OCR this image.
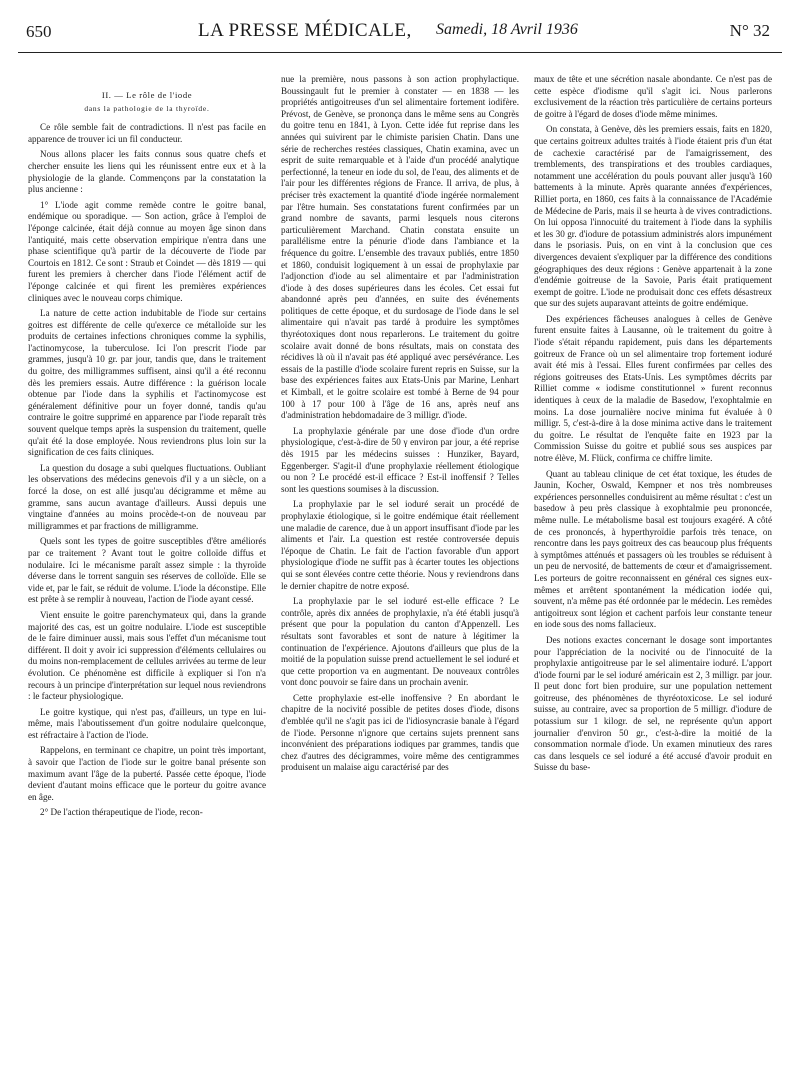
650	LA PRESSE MÉDICALE, Samedi, 18 Avril 1936	N° 32
II. — Le rôle de l'iode
dans la pathologie de la thyroïde.

Ce rôle semble fait de contradictions. Il n'est pas facile en apparence de trouver ici un fil conducteur.

Nous allons placer les faits connus sous quatre chefs et chercher ensuite les liens qui les réunissent entre eux et à la physiologie de la glande. Commençons par la constatation la plus ancienne :

1° L'iode agit comme remède contre le goitre banal, endémique ou sporadique. — Son action, grâce à l'emploi de l'éponge calcinée, était déjà connue au moyen âge sinon dans l'antiquité, mais cette observation empirique n'entra dans une phase scientifique qu'à partir de la découverte de l'iode par Courtois en 1812. Ce sont : Straub et Coindet — dès 1819 — qui furent les premiers à chercher dans l'iode l'élément actif de l'éponge calcinée et qui firent les premières expériences cliniques avec le nouveau corps chimique.

La nature de cette action indubitable de l'iode sur certains goitres est différente de celle qu'exerce ce métalloïde sur les produits de certaines infections chroniques comme la syphilis, l'actinomycose, la tuberculose. Ici l'on prescrit l'iode par grammes, jusqu'à 10 gr. par jour, tandis que, dans le traitement du goitre, des milligrammes suffisent, ainsi qu'il a été reconnu dès les premiers essais. Autre différence : la guérison locale obtenue par l'iode dans la syphilis et l'actinomycose est généralement définitive pour un foyer donné, tandis qu'au contraire le goitre supprimé en apparence par l'iode reparaît très souvent quelque temps après la suspension du traitement, quelle qu'ait été la dose employée. Nous reviendrons plus loin sur la signification de ces faits cliniques.

La question du dosage a subi quelques fluctuations. Oubliant les observations des médecins genevois d'il y a un siècle, on a forcé la dose, on est allé jusqu'au décigramme et même au gramme, sans aucun avantage d'ailleurs. Aussi depuis une vingtaine d'années au moins procède-t-on de nouveau par milligrammes et par fractions de milligramme.

Quels sont les types de goitre susceptibles d'être améliorés par ce traitement ? Avant tout le goitre colloïde diffus et nodulaire. Ici le mécanisme paraît assez simple : la thyroïde déverse dans le torrent sanguin ses réserves de colloïde. Elle se vide et, par le fait, se réduit de volume. L'iode la déconstipe. Elle est prête à se remplir à nouveau, l'action de l'iode ayant cessé.

Vient ensuite le goitre parenchymateux qui, dans la grande majorité des cas, est un goitre nodulaire. L'iode est susceptible de le faire diminuer aussi, mais sous l'effet d'un mécanisme tout différent. Il doit y avoir ici suppression d'éléments cellulaires ou du moins non-remplacement de cellules arrivées au terme de leur évolution. Ce phénomène est difficile à expliquer si l'on n'a recours à un principe d'interprétation sur lequel nous reviendrons : le facteur physiologique.

Le goitre kystique, qui n'est pas, d'ailleurs, un type en lui-même, mais l'aboutissement d'un goitre nodulaire quelconque, est réfractaire à l'action de l'iode.

Rappelons, en terminant ce chapitre, un point très important, à savoir que l'action de l'iode sur le goitre banal présente son maximum avant l'âge de la puberté. Passée cette époque, l'iode devient d'autant moins efficace que le porteur du goitre avance en âge.

2° De l'action thérapeutique de l'iode, recon-

nue la première, nous passons à son action prophylactique. Boussingault fut le premier à constater — en 1838 — les propriétés antigoitreuses d'un sel alimentaire fortement iodifère. Prévost, de Genève, se prononça dans le même sens au Congrès du goitre tenu en 1841, à Lyon. Cette idée fut reprise dans les années qui suivirent par le chimiste parisien Chatin. Dans une série de recherches restées classiques, Chatin examina, avec un esprit de suite remarquable et à l'aide d'un procédé analytique perfectionné, la teneur en iode du sol, de l'eau, des aliments et de l'air pour les différentes régions de France. Il arriva, de plus, à préciser très exactement la quantité d'iode ingérée normalement par l'être humain. Ses constatations furent confirmées par un grand nombre de savants, parmi lesquels nous citerons particulièrement Marchand. Chatin constata ensuite un parallélisme entre la pénurie d'iode dans l'ambiance et la fréquence du goitre. L'ensemble des travaux publiés, entre 1850 et 1860, conduisit logiquement à un essai de prophylaxie par l'adjonction d'iode au sel alimentaire et par l'administration d'iode à des doses supérieures dans les écoles. Cet essai fut abandonné après peu d'années, en suite des événements politiques de cette époque, et du surdosage de l'iode dans le sel alimentaire qui n'avait pas tardé à produire les symptômes thyréotoxiques dont nous reparlerons. Le traitement du goitre scolaire avait donné de bons résultats, mais on constata des récidives là où il n'avait pas été appliqué avec persévérance. Les essais de la pastille d'iode scolaire furent repris en Suisse, sur la base des expériences faites aux Etats-Unis par Marine, Lenhart et Kimball, et le goitre scolaire est tombé à Berne de 94 pour 100 à 17 pour 100 à l'âge de 16 ans, après neuf ans d'administration hebdomadaire de 3 milligr. d'iode.

La prophylaxie générale par une dose d'iode d'un ordre physiologique, c'est-à-dire de 50 γ environ par jour, a été reprise dès 1915 par les médecins suisses : Hunziker, Bayard, Eggenberger. S'agit-il d'une prophylaxie réellement étiologique ou non ? Le procédé est-il efficace ? Est-il inoffensif ? Telles sont les questions soumises à la discussion.

La prophylaxie par le sel ioduré serait un procédé de prophylaxie étiologique, si le goitre endémique était réellement une maladie de carence, due à un apport insuffisant d'iode par les aliments et l'air. La question est restée controversée depuis l'époque de Chatin. Le fait de l'action favorable d'un apport physiologique d'iode ne suffit pas à écarter toutes les objections qui se sont élevées contre cette théorie. Nous y reviendrons dans le dernier chapitre de notre exposé.

La prophylaxie par le sel ioduré est-elle efficace ? Le contrôle, après dix années de prophylaxie, n'a été établi jusqu'à présent que pour la population du canton d'Appenzell. Les résultats sont favorables et sont de nature à légitimer la continuation de l'expérience. Ajoutons d'ailleurs que plus de la moitié de la population suisse prend actuellement le sel ioduré et que cette proportion va en augmentant. De nouveaux contrôles vont donc pouvoir se faire dans un prochain avenir.

Cette prophylaxie est-elle inoffensive ? En abordant le chapitre de la nocivité possible de petites doses d'iode, disons d'emblée qu'il ne s'agit pas ici de l'idiosyncrasie banale à l'égard de l'iode. Personne n'ignore que certains sujets prennent sans inconvénient des préparations iodiques par grammes, tandis que chez d'autres des décigrammes, voire même des centigrammes produisent un malaise aigu caractérisé par des

maux de tête et une sécrétion nasale abondante. Ce n'est pas de cette espèce d'iodisme qu'il s'agit ici. Nous parlerons exclusivement de la réaction très particulière de certains porteurs de goitre à l'égard de doses d'iode même minimes.

On constata, à Genève, dès les premiers essais, faits en 1820, que certains goitreux adultes traités à l'iode étaient pris d'un état de cachexie caractérisé par de l'amaigrissement, des tremblements, des transpirations et des troubles cardiaques, notamment une accélération du pouls pouvant aller jusqu'à 160 battements à la minute. Après quarante années d'expériences, Rilliet porta, en 1860, ces faits à la connaissance de l'Académie de Médecine de Paris, mais il se heurta à de vives contradictions. On lui opposa l'innocuité du traitement à l'iode dans la syphilis et les 30 gr. d'iodure de potassium administrés alors impunément dans le psoriasis. Puis, on en vint à la conclusion que ces divergences devaient s'expliquer par la différence des conditions géographiques des deux régions : Genève appartenait à la zone d'endémie goitreuse de la Savoie, Paris était pratiquement exempt de goitre. L'iode ne produisait donc ces effets désastreux que sur des sujets auparavant atteints de goitre endémique.

Des expériences fâcheuses analogues à celles de Genève furent ensuite faites à Lausanne, où le traitement du goitre à l'iode s'était répandu rapidement, puis dans les départements goitreux de France où un sel alimentaire trop fortement ioduré avait été mis à l'essai. Elles furent confirmées par celles des régions goitreuses des Etats-Unis. Les symptômes décrits par Rilliet comme « iodisme constitutionnel » furent reconnus identiques à ceux de la maladie de Basedow, l'exophtalmie en moins. La dose journalière nocive minima fut évaluée à 0 milligr. 5, c'est-à-dire à la dose minima active dans le traitement du goitre. Le résultat de l'enquête faite en 1923 par la Commission Suisse du goitre et publié sous ses auspices par notre élève, M. Flück, confirma ce chiffre limite.

Quant au tableau clinique de cet état toxique, les études de Jaunin, Kocher, Oswald, Kempner et nos très nombreuses expériences personnelles conduisirent au même résultat : c'est un basedow à peu près classique à exophtalmie peu prononcée, même nulle. Le métabolisme basal est toujours exagéré. A côté de ces prononcés, à hyperthyroïdie parfois très tenace, on rencontre dans les pays goitreux des cas beaucoup plus fréquents à symptômes atténués et passagers où les troubles se réduisent à un peu de nervosité, de battements de cœur et d'amaigrissement. Les porteurs de goitre reconnaissent en général ces signes eux-mêmes et arrêtent spontanément la médication iodée qui, souvent, n'a même pas été ordonnée par le médecin. Les remèdes antigoitreux sont légion et cachent parfois leur constante teneur en iode sous des noms fallacieux.

Des notions exactes concernant le dosage sont importantes pour l'appréciation de la nocivité ou de l'innocuité de la prophylaxie antigoitreuse par le sel alimentaire ioduré. L'apport d'iode fourni par le sel ioduré américain est 2, 3 milligr. par jour. Il peut donc fort bien produire, sur une population nettement goitreuse, des phénomènes de thyréotoxicose. Le sel ioduré suisse, au contraire, avec sa proportion de 5 milligr. d'iodure de potassium sur 1 kilogr. de sel, ne représente qu'un apport journalier d'environ 50 gr., c'est-à-dire la moitié de la consommation normale d'iode. Un examen minutieux des rares cas dans lesquels ce sel ioduré a été accusé d'avoir produit en Suisse du base-
